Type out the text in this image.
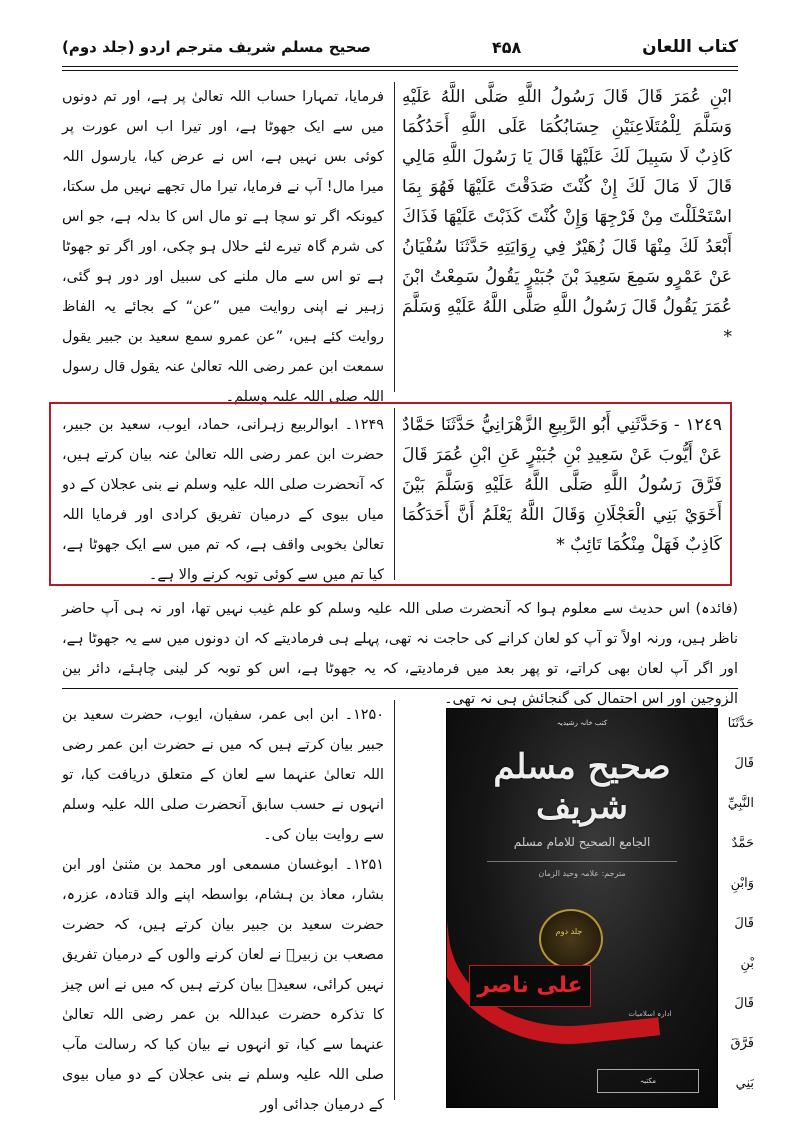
صحیح مسلم شریف مترجم اردو (جلد دوم)	۴۵۸	کتاب اللعان

ابْنِ عُمَرَ قَالَ قَالَ رَسُولُ اللَّهِ صَلَّى اللَّهُ عَلَيْهِ وَسَلَّمَ لِلْمُتَلَاعِنَيْنِ حِسَابُكُمَا عَلَى اللَّهِ أَحَدُكُمَا كَاذِبٌ لَا سَبِيلَ لَكَ عَلَيْهَا قَالَ يَا رَسُولَ اللَّهِ مَالِي قَالَ لَا مَالَ لَكَ إِنْ كُنْتَ صَدَقْتَ عَلَيْهَا فَهُوَ بِمَا اسْتَحْلَلْتَ مِنْ فَرْجِهَا وَإِنْ كُنْتَ كَذَبْتَ عَلَيْهَا فَذَاكَ أَبْعَدُ لَكَ مِنْهَا قَالَ زُهَيْرٌ فِي رِوَايَتِهِ حَدَّثَنَا سُفْيَانُ عَنْ عَمْرٍو سَمِعَ سَعِيدَ بْنَ جُبَيْرٍ يَقُولُ سَمِعْتُ ابْنَ عُمَرَ يَقُولُ قَالَ رَسُولُ اللَّهِ صَلَّى اللَّهُ عَلَيْهِ وَسَلَّمَ *

فرمایا، تمہارا حساب اللہ تعالیٰ پر ہے، اور تم دونوں میں سے ایک جھوٹا ہے، اور تیرا اب اس عورت پر کوئی بس نہیں ہے، اس نے عرض کیا، یارسول اللہ میرا مال! آپ نے فرمایا، تیرا مال تجھے نہیں مل سکتا، کیونکہ اگر تو سچا ہے تو مال اس کا بدلہ ہے، جو اس کی شرم گاہ تیرے لئے حلال ہو چکی، اور اگر تو جھوٹا ہے تو اس سے مال ملنے کی سبیل اور دور ہو گئی، زہیر نے اپنی روایت میں ”عن“ کے بجائے یہ الفاظ روایت کئے ہیں، ”عن عمرو سمع سعید بن جبیر یقول سمعت ابن عمر رضی اللہ تعالیٰ عنہ یقول قال رسول اللہ صلی اللہ علیہ وسلم۔

١٢٤٩ - وَحَدَّثَنِي أَبُو الرَّبِيعِ الزَّهْرَانِيُّ حَدَّثَنَا حَمَّادٌ عَنْ أَيُّوبَ عَنْ سَعِيدِ بْنِ جُبَيْرٍ عَنِ ابْنِ عُمَرَ قَالَ فَرَّقَ رَسُولُ اللَّهِ صَلَّى اللَّهُ عَلَيْهِ وَسَلَّمَ بَيْنَ أَخَوَيْ بَنِي الْعَجْلَانِ وَقَالَ اللَّهُ يَعْلَمُ أَنَّ أَحَدَكُمَا كَاذِبٌ فَهَلْ مِنْكُمَا تَائِبٌ *

۱۲۴۹۔ ابوالربیع زہرانی، حماد، ایوب، سعید بن جبیر، حضرت ابن عمر رضی اللہ تعالیٰ عنہ بیان کرتے ہیں، کہ آنحضرت صلی اللہ علیہ وسلم نے بنی عجلان کے دو میاں بیوی کے درمیان تفریق کرادی اور فرمایا اللہ تعالیٰ بخوبی واقف ہے، کہ تم میں سے ایک جھوٹا ہے، کیا تم میں سے کوئی توبہ کرنے والا ہے۔

(فائدہ) اس حدیث سے معلوم ہوا کہ آنحضرت صلی اللہ علیہ وسلم کو علم غیب نہیں تھا، اور نہ ہی آپ حاضر ناظر ہیں، ورنہ اولاً تو آپ کو لعان کرانے کی حاجت نہ تھی، پہلے ہی فرمادیتے کہ ان دونوں میں سے یہ جھوٹا ہے، اور اگر آپ لعان بھی کراتے، تو پھر بعد میں فرمادیتے، کہ یہ جھوٹا ہے، اس کو توبہ کر لینی چاہئے، دائر بین الزوجین اور اس احتمال کی گنجائش ہی نہ تھی۔

۱۲۵۰۔ ابن ابی عمر، سفیان، ایوب، حضرت سعید بن جبیر بیان کرتے ہیں کہ میں نے حضرت ابن عمر رضی اللہ تعالیٰ عنہما سے لعان کے متعلق دریافت کیا، تو انہوں نے حسب سابق آنحضرت صلی اللہ علیہ وسلم سے روایت بیان کی۔

۱۲۵۱۔ ابوغسان مسمعی اور محمد بن مثنیٰ اور ابن بشار، معاذ بن ہشام، بواسطہ اپنے والد قتادہ، عزرہ، حضرت سعید بن جبیر بیان کرتے ہیں، کہ حضرت مصعب بن زبیرؓ نے لعان کرنے والوں کے درمیان تفریق نہیں کرائی، سعیدؓ بیان کرتے ہیں کہ میں نے اس چیز کا تذکرہ حضرت عبداللہ بن عمر رضی اللہ تعالیٰ عنہما سے کیا، تو انہوں نے بیان کیا کہ رسالت مآب صلی اللہ علیہ وسلم نے بنی عجلان کے دو میاں بیوی کے درمیان جدائی اور

حَدَّثَنَا

قَالَ

النَّبِيِّ

حَمَّدٌ

وَابْنِ

قَالَ

بْنِ

قَالَ

فَرَّقَ

بَنِي

کتب خانہ رشیدیہ
صحیح مسلم شریف
الجامع الصحیح للامام مسلم
مترجم: علامہ وحید الزمان
جلد دوم
ادارہ اسلامیات
مکتبہ
علی ناصر
